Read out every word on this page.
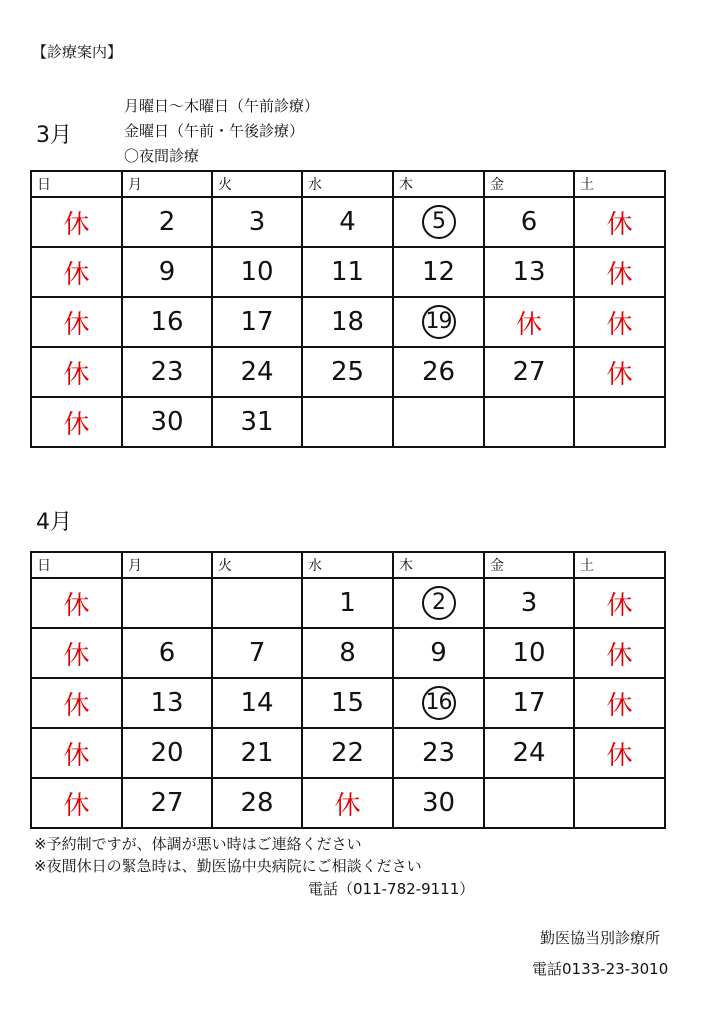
【診療案内】
3月
月曜日～木曜日（午前診療）
金曜日（午前・午後診療）
〇夜間診療
日	月	火	水	木	金	土
休	2	3	4	5	6	休
休	9	10	11	12	13	休
休	16	17	18	19	休	休
休	23	24	25	26	27	休
休	30	31				
4月
日	月	火	水	木	金	土
休			1	2	3	休
休	6	7	8	9	10	休
休	13	14	15	16	17	休
休	20	21	22	23	24	休
休	27	28	休	30		
※予約制ですが、体調が悪い時はご連絡ください
※夜間休日の緊急時は、勤医協中央病院にご相談ください
電話（011-782-9111）
勤医協当別診療所
電話0133-23-3010
